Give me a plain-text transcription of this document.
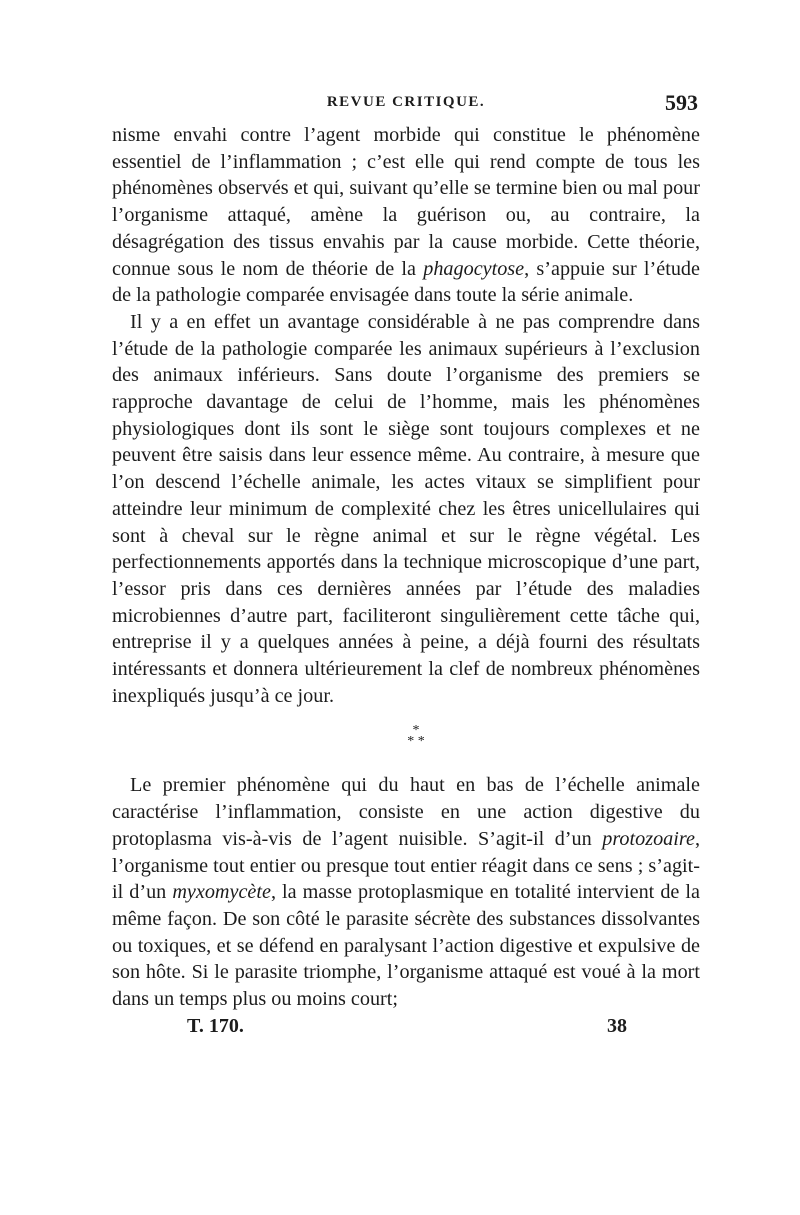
REVUE CRITIQUE.	593

nisme envahi contre l’agent morbide qui constitue le phénomène essentiel de l’inflammation ; c’est elle qui rend compte de tous les phénomènes observés et qui, suivant qu’elle se termine bien ou mal pour l’organisme attaqué, amène la guérison ou, au contraire, la désagrégation des tissus envahis par la cause morbide. Cette théorie, connue sous le nom de théorie de la phagocytose, s’appuie sur l’étude de la pathologie comparée envisagée dans toute la série animale.

Il y a en effet un avantage considérable à ne pas comprendre dans l’étude de la pathologie comparée les animaux supérieurs à l’exclusion des animaux inférieurs. Sans doute l’organisme des premiers se rapproche davantage de celui de l’homme, mais les phénomènes physiologiques dont ils sont le siège sont toujours complexes et ne peuvent être saisis dans leur essence même. Au contraire, à mesure que l’on descend l’échelle animale, les actes vitaux se simplifient pour atteindre leur minimum de complexité chez les êtres unicellulaires qui sont à cheval sur le règne animal et sur le règne végétal. Les perfectionnements apportés dans la technique microscopique d’une part, l’essor pris dans ces dernières années par l’étude des maladies microbiennes d’autre part, faciliteront singulièrement cette tâche qui, entreprise il y a quelques années à peine, a déjà fourni des résultats intéressants et donnera ultérieurement la clef de nombreux phénomènes inexpliqués jusqu’à ce jour.

*
* *

Le premier phénomène qui du haut en bas de l’échelle animale caractérise l’inflammation, consiste en une action digestive du protoplasma vis-à-vis de l’agent nuisible. S’agit-il d’un protozoaire, l’organisme tout entier ou presque tout entier réagit dans ce sens ; s’agit-il d’un myxomycète, la masse protoplasmique en totalité intervient de la même façon. De son côté le parasite sécrète des substances dissolvantes ou toxiques, et se défend en paralysant l’action digestive et expulsive de son hôte. Si le parasite triomphe, l’organisme attaqué est voué à la mort dans un temps plus ou moins court;

T. 170.	38
